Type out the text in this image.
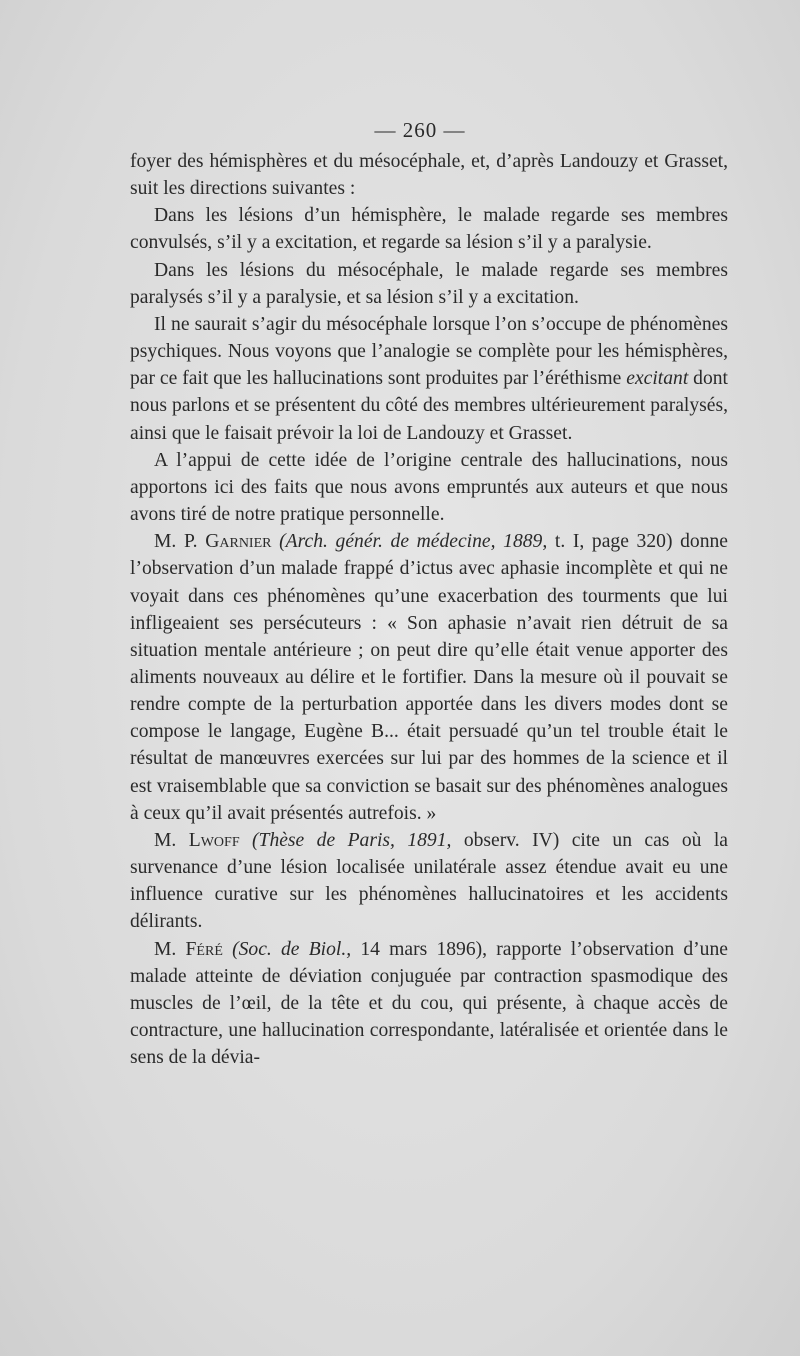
— 260 —

foyer des hémisphères et du mésocéphale, et, d’après Landouzy et Grasset, suit les directions suivantes :

Dans les lésions d’un hémisphère, le malade regarde ses membres convulsés, s’il y a excitation, et regarde sa lésion s’il y a paralysie.

Dans les lésions du mésocéphale, le malade regarde ses membres paralysés s’il y a paralysie, et sa lésion s’il y a excitation.

Il ne saurait s’agir du mésocéphale lorsque l’on s’occupe de phénomènes psychiques. Nous voyons que l’analogie se complète pour les hémisphères, par ce fait que les hallucinations sont produites par l’éréthisme excitant dont nous parlons et se présentent du côté des membres ultérieurement paralysés, ainsi que le faisait prévoir la loi de Landouzy et Grasset.

A l’appui de cette idée de l’origine centrale des hallucinations, nous apportons ici des faits que nous avons empruntés aux auteurs et que nous avons tiré de notre pratique personnelle.

M. P. Garnier (Arch. génér. de médecine, 1889, t. I, page 320) donne l’observation d’un malade frappé d’ictus avec aphasie incomplète et qui ne voyait dans ces phénomènes qu’une exacerbation des tourments que lui infligeaient ses persécuteurs : « Son aphasie n’avait rien détruit de sa situation mentale antérieure ; on peut dire qu’elle était venue apporter des aliments nouveaux au délire et le fortifier. Dans la mesure où il pouvait se rendre compte de la perturbation apportée dans les divers modes dont se compose le langage, Eugène B... était persuadé qu’un tel trouble était le résultat de manœuvres exercées sur lui par des hommes de la science et il est vraisemblable que sa conviction se basait sur des phénomènes analogues à ceux qu’il avait présentés autrefois. »

M. Lwoff (Thèse de Paris, 1891, observ. IV) cite un cas où la survenance d’une lésion localisée unilatérale assez étendue avait eu une influence curative sur les phénomènes hallucinatoires et les accidents délirants.

M. Féré (Soc. de Biol., 14 mars 1896), rapporte l’observation d’une malade atteinte de déviation conjuguée par contraction spasmodique des muscles de l’œil, de la tête et du cou, qui présente, à chaque accès de contracture, une hallucination correspondante, latéralisée et orientée dans le sens de la dévia-
